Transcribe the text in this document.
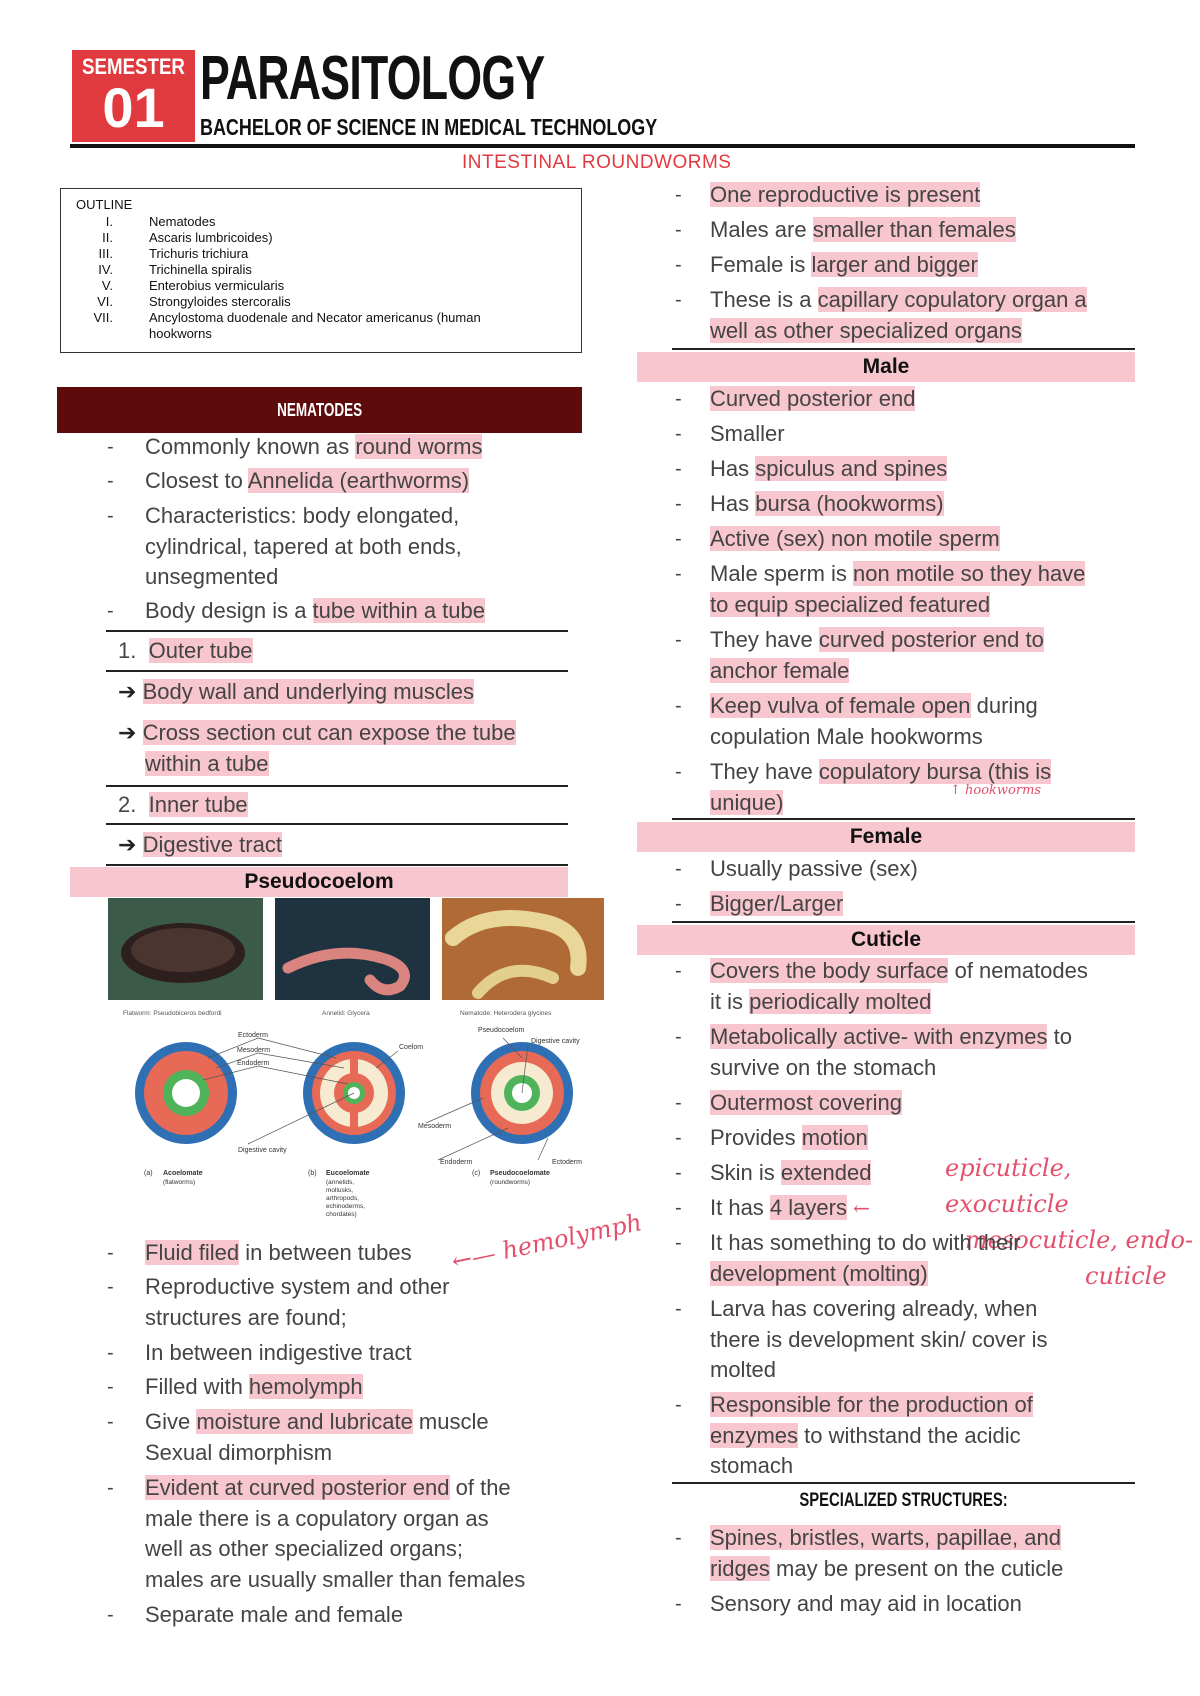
SEMESTER
01 PARASITOLOGY
BACHELOR OF SCIENCE IN MEDICAL TECHNOLOGY
INTESTINAL ROUNDWORMS
OUTLINE
I.	Nematodes
II.	Ascaris lumbricoides)
III.	Trichuris trichiura
IV.	Trichinella spiralis
V.	Enterobius vermicularis
VI.	Strongyloides stercoralis
VII.	Ancylostoma duodenale and Necator americanus (human hookworns
NEMATODES
- Commonly known as round worms
- Closest to Annelida (earthworms)
- Characteristics: body elongated,
cylindrical, tapered at both ends,
unsegmented
- Body design is a tube within a tube
1. Outer tube
➔ Body wall and underlying muscles
➔ Cross section cut can expose the tube
within a tube
2. Inner tube
➔ Digestive tract
Pseudocoelom
Flatworm: Pseudobiceros bedfordi	Annelid: Glycera	Nematode: Heterodera glycines
Ectoderm
Mesoderm
Endoderm
Coelom
Pseudocoelom
Digestive cavity
Digestive cavity
Mesoderm
Endoderm	Ectoderm
(a) Acoelomate
(flatworms)
(b) Eucoelomate
(annelids,
mollusks,
arthropods,
echinoderms,
chordates)
(c) Pseudocoelomate
(roundworms)
- Fluid filed in between tubes ←— hemolymph
- Reproductive system and other
structures are found;
- In between indigestive tract
- Filled with hemolymph
- Give moisture and lubricate muscle
Sexual dimorphism
- Evident at curved posterior end of the
male there is a copulatory organ as
well as other specialized organs;
males are usually smaller than females
- Separate male and female
- One reproductive is present
- Males are smaller than females
- Female is larger and bigger
- These is a capillary copulatory organ a
well as other specialized organs
Male
- Curved posterior end
- Smaller
- Has spiculus and spines
- Has bursa (hookworms)
- Active (sex) non motile sperm
- Male sperm is non motile so they have
to equip specialized featured
- They have curved posterior end to
anchor female
- Keep vulva of female open during
copulation Male hookworms
- They have copulatory bursa (this is
unique)	↑ hookworms
Female
- Usually passive (sex)
- Bigger/Larger
Cuticle
- Covers the body surface of nematodes
it is periodically molted
- Metabolically active- with enzymes to
survive on the stomach
- Outermost covering
- Provides motion
- Skin is extended
- It has 4 layers ←
epicuticle, exocuticle
mesocuticle, endo-
cuticle
- It has something to do with their
development (molting)
- Larva has covering already, when
there is development skin/ cover is
molted
- Responsible for the production of
enzymes to withstand the acidic
stomach
SPECIALIZED STRUCTURES:
- Spines, bristles, warts, papillae, and
ridges may be present on the cuticle
- Sensory and may aid in location
